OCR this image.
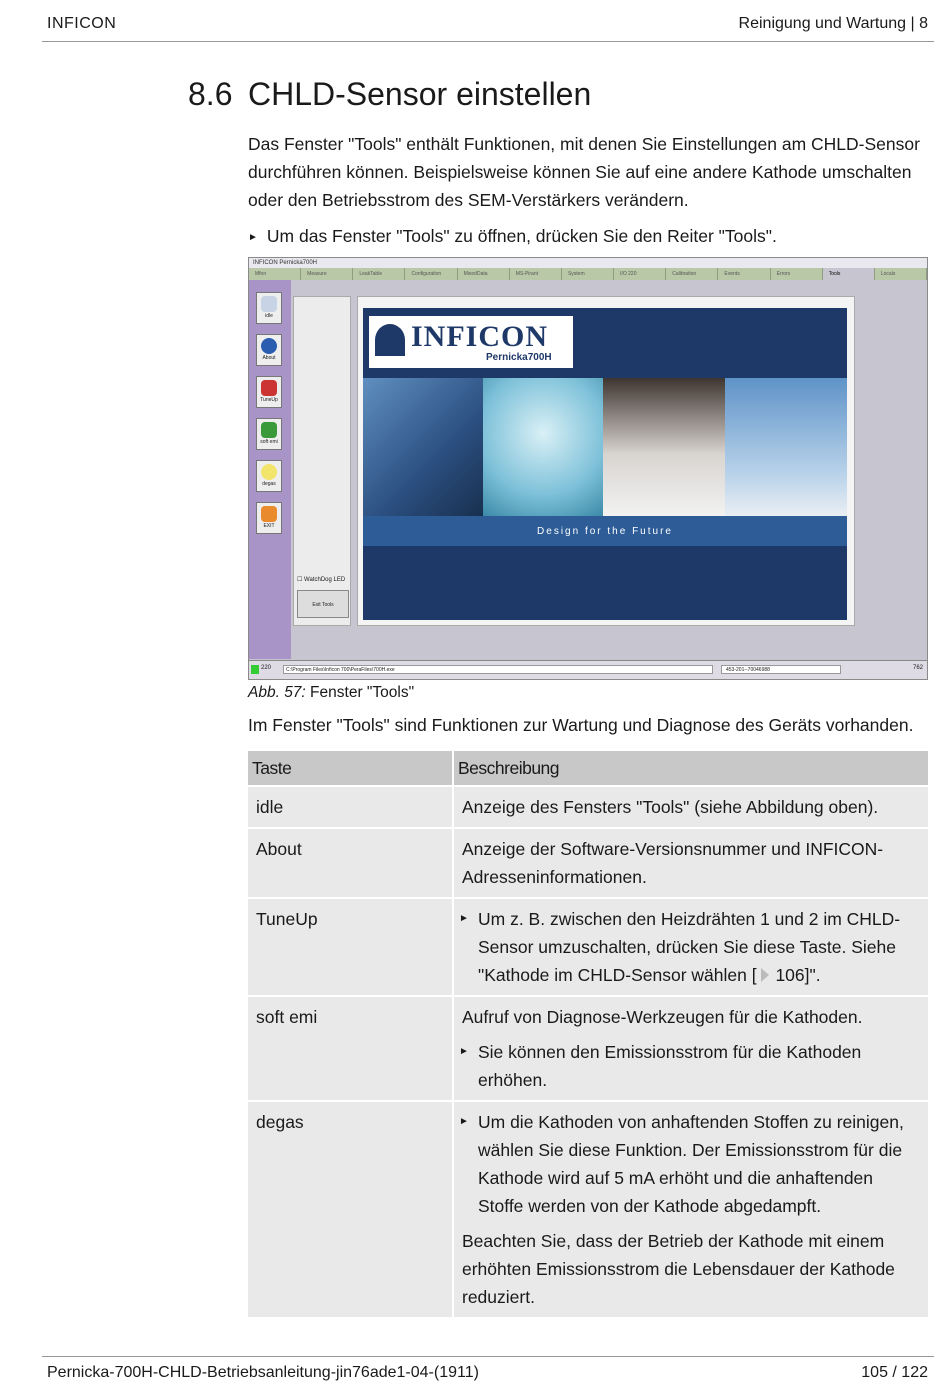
INFICON	Reinigung und Wartung | 8
8.6 CHLD-Sensor einstellen
Das Fenster "Tools" enthält Funktionen, mit denen Sie Einstellungen am CHLD-Sensor durchführen können. Beispielsweise können Sie auf eine andere Kathode umschalten oder den Betriebsstrom des SEM-Verstärkers verändern.
► Um das Fenster "Tools" zu öffnen, drücken Sie den Reiter "Tools".
INFICON Pernicka700H
Mfon	Measure	LeakTable	Configuration	MixedData	MS-Pirant	System	I/O 220	Calibration	Events	Errors	Tools	Locals
idle
About
TuneUp
soft emi
degas
EXIT
☐ WatchDog LED
Exit Tools
INFICON
Pernicka700H
Design for the Future
220	C:\Program Files\Inficon 700\PeraFiles\700H.exe	453-201--70046988	762
Abb. 57: Fenster "Tools"
Im Fenster "Tools" sind Funktionen zur Wartung und Diagnose des Geräts vorhanden.
Taste	Beschreibung
idle	Anzeige des Fensters "Tools" (siehe Abbildung oben).
About	Anzeige der Software-Versionsnummer und INFICON-Adresseninformationen.
TuneUp	► Um z. B. zwischen den Heizdrähten 1 und 2 im CHLD-Sensor umzuschalten, drücken Sie diese Taste. Siehe "Kathode im CHLD-Sensor wählen [ 106]".

soft emi	Aufruf von Diagnose-Werkzeugen für die Kathoden.
► Sie können den Emissionsstrom für die Kathoden erhöhen.

degas	► Um die Kathoden von anhaftenden Stoffen zu reinigen, wählen Sie diese Funktion. Der Emissionsstrom für die Kathode wird auf 5 mA erhöht und die anhaftenden Stoffe werden von der Kathode abgedampft.
Beachten Sie, dass der Betrieb der Kathode mit einem erhöhten Emissionsstrom die Lebensdauer der Kathode reduziert.
Pernicka-700H-CHLD-Betriebsanleitung-jin76ade1-04-(1911)	105 / 122
